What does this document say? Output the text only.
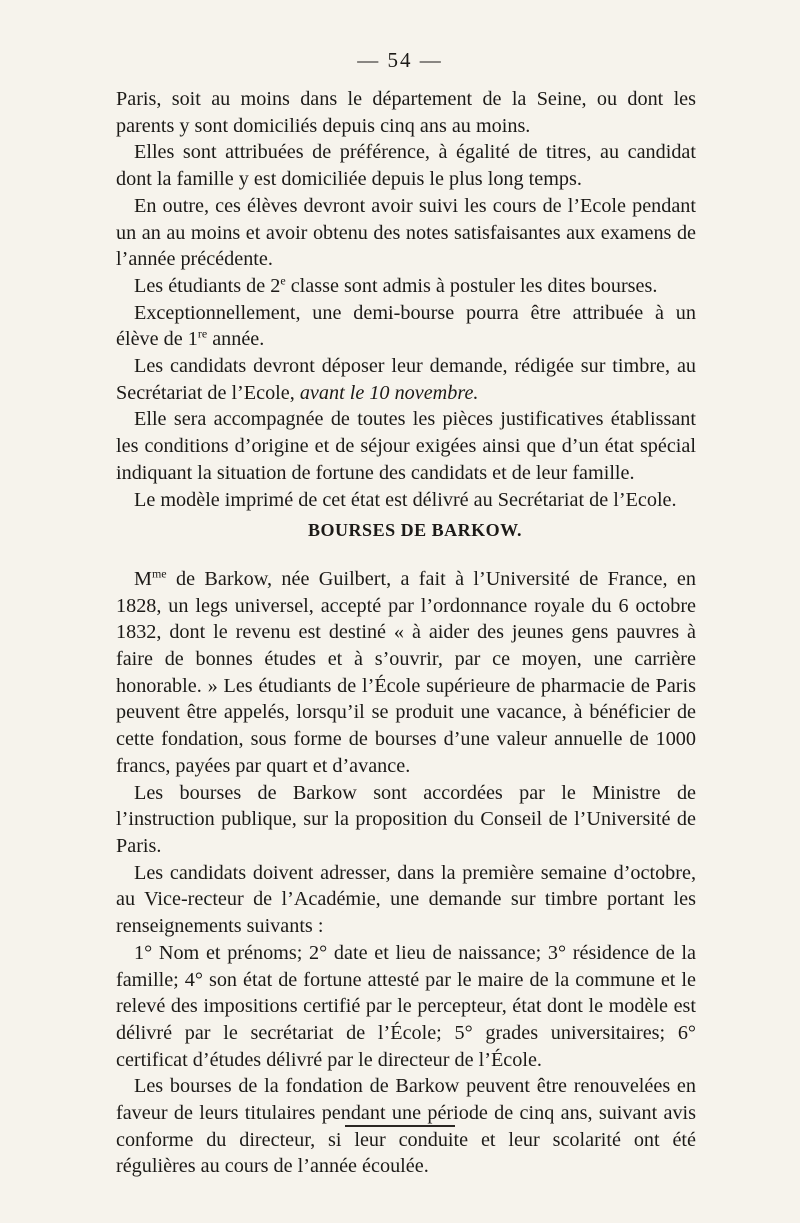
— 54 —

Paris, soit au moins dans le département de la Seine, ou dont les parents y sont domiciliés depuis cinq ans au moins.

Elles sont attribuées de préférence, à égalité de titres, au candidat dont la famille y est domiciliée depuis le plus long temps.

En outre, ces élèves devront avoir suivi les cours de l’Ecole pendant un an au moins et avoir obtenu des notes satisfaisantes aux examens de l’année précédente.

Les étudiants de 2e classe sont admis à postuler les dites bourses.

Exceptionnellement, une demi-bourse pourra être attribuée à un élève de 1re année.

Les candidats devront déposer leur demande, rédigée sur timbre, au Secrétariat de l’Ecole, avant le 10 novembre.

Elle sera accompagnée de toutes les pièces justificatives établissant les conditions d’origine et de séjour exigées ainsi que d’un état spécial indiquant la situation de fortune des candidats et de leur famille.

Le modèle imprimé de cet état est délivré au Secrétariat de l’Ecole.

BOURSES DE BARKOW.

$M^{me}$ de Barkow, née Guilbert, a fait à l’Université de France, en 1828, un legs universel, accepté par l’ordonnance royale du 6 octobre 1832, dont le revenu est destiné « à aider des jeunes gens pauvres à faire de bonnes études et à s’ouvrir, par ce moyen, une carrière honorable. » Les étudiants de l’École supérieure de pharmacie de Paris peuvent être appelés, lorsqu’il se produit une vacance, à bénéficier de cette fondation, sous forme de bourses d’une valeur annuelle de 1000 francs, payées par quart et d’avance.

Les bourses de Barkow sont accordées par le Ministre de l’instruction publique, sur la proposition du Conseil de l’Université de Paris.

Les candidats doivent adresser, dans la première semaine d’octobre, au Vice-recteur de l’Académie, une demande sur timbre portant les renseignements suivants :

1° Nom et prénoms; 2° date et lieu de naissance; 3° résidence de la famille; 4° son état de fortune attesté par le maire de la commune et le relevé des impositions certifié par le percepteur, état dont le modèle est délivré par le secrétariat de l’École; 5° grades universitaires; 6° certificat d’études délivré par le directeur de l’École.

Les bourses de la fondation de Barkow peuvent être renouvelées en faveur de leurs titulaires pendant une période de cinq ans, suivant avis conforme du directeur, si leur conduite et leur scolarité ont été régulières au cours de l’année écoulée.
